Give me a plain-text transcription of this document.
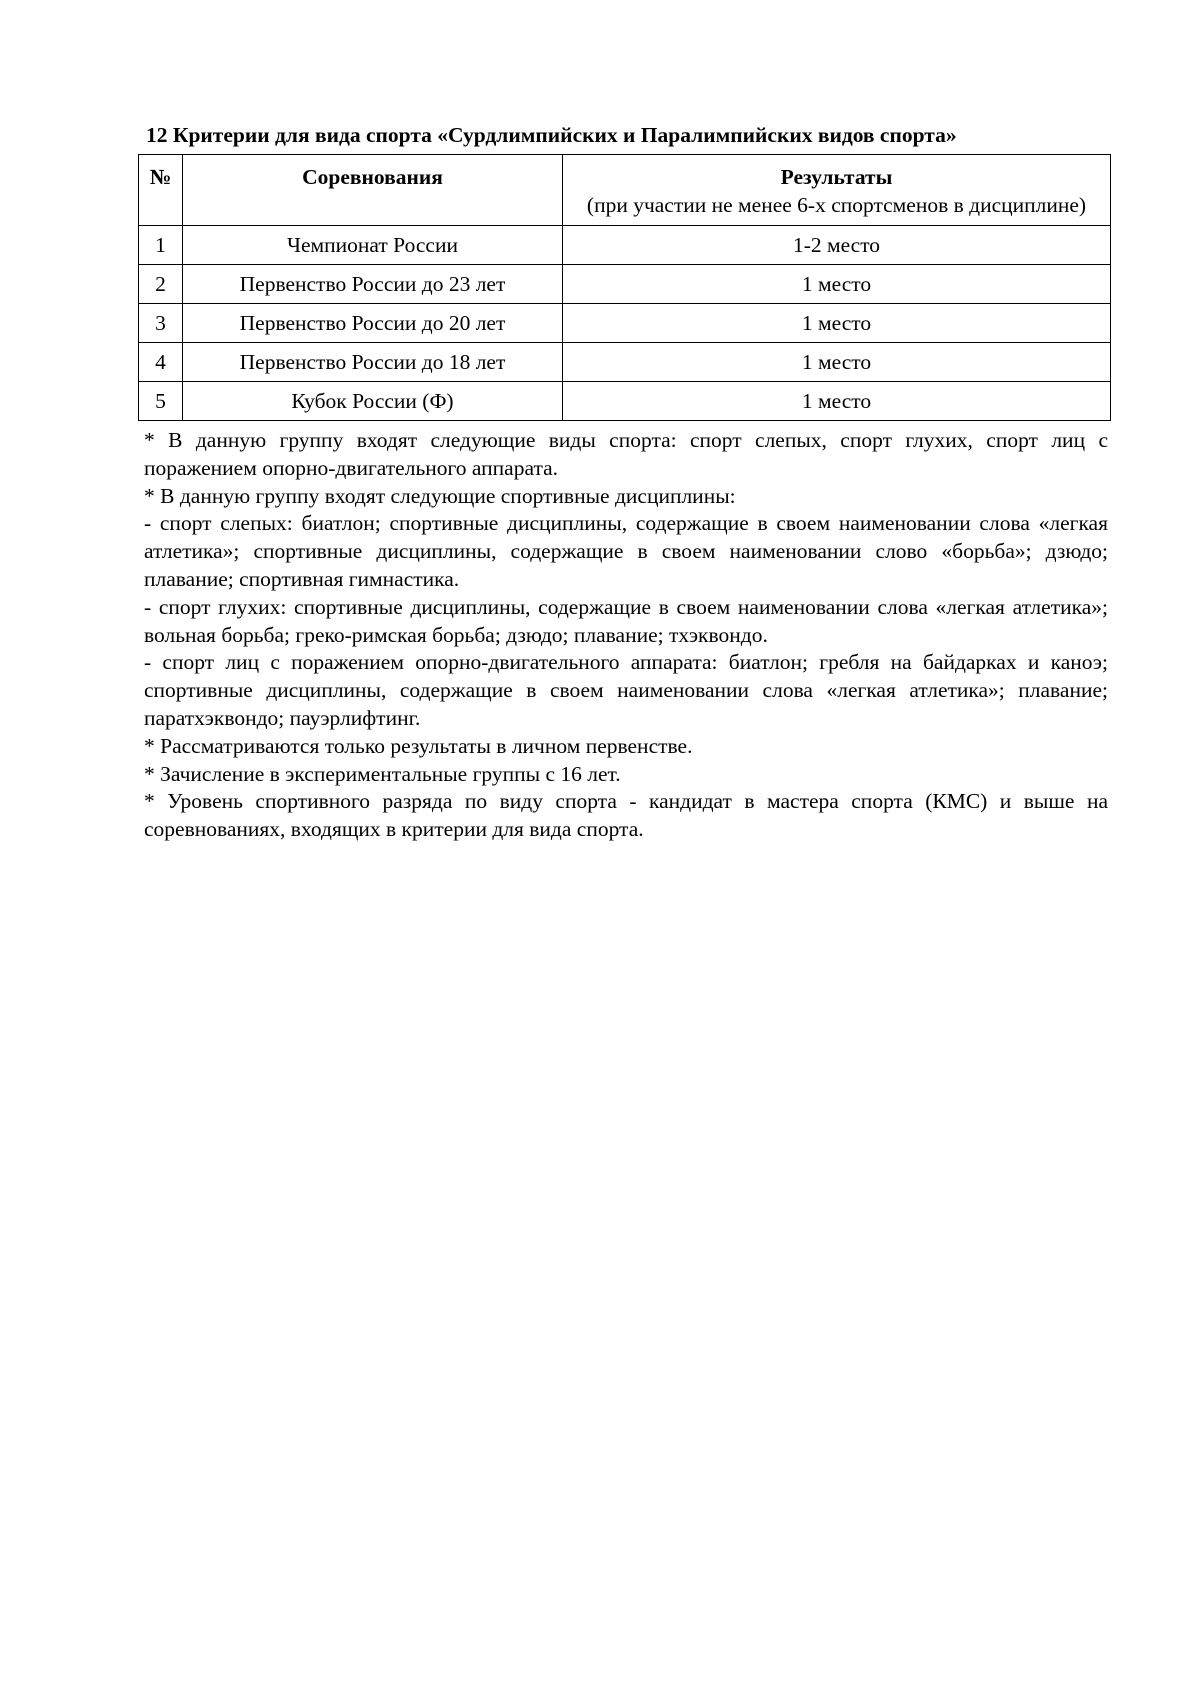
12 Критерии для вида спорта «Сурдлимпийских и Паралимпийских видов спорта»
№	Соревнования	Результаты
(при участии не менее 6-х спортсменов в дисциплине)
1	Чемпионат России	1-2 место
2	Первенство России до 23 лет	1 место
3	Первенство России до 20 лет	1 место
4	Первенство России до 18 лет	1 место
5	Кубок России (Ф)	1 место

* В данную группу входят следующие виды спорта: спорт слепых, спорт глухих, спорт лиц с поражением опорно-двигательного аппарата.

* В данную группу входят следующие спортивные дисциплины:

- спорт слепых: биатлон; спортивные дисциплины, содержащие в своем наименовании слова «легкая атлетика»; спортивные дисциплины, содержащие в своем наименовании слово «борьба»; дзюдо; плавание; спортивная гимнастика.

- спорт глухих: спортивные дисциплины, содержащие в своем наименовании слова «легкая атлетика»; вольная борьба; греко-римская борьба; дзюдо; плавание; тхэквондо.

- спорт лиц с поражением опорно-двигательного аппарата: биатлон; гребля на байдарках и каноэ; спортивные дисциплины, содержащие в своем наименовании слова «легкая атлетика»; плавание; паратхэквондо; пауэрлифтинг.

* Рассматриваются только результаты в личном первенстве.

* Зачисление в экспериментальные группы с 16 лет.

* Уровень спортивного разряда по виду спорта - кандидат в мастера спорта (КМС) и выше на соревнованиях, входящих в критерии для вида спорта.
